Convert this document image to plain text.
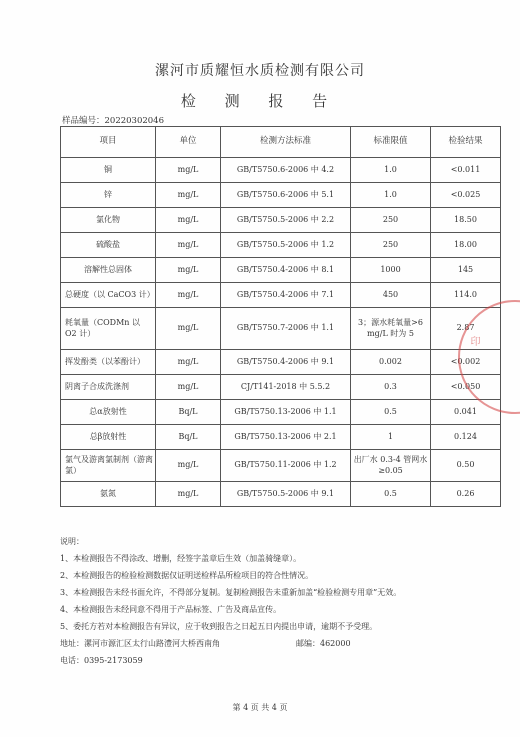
漯河市质耀恒水质检测有限公司
检 测 报 告
样品编号：20220302046
项目	单位	检测方法标准	标准限值	检验结果
铜	mg/L	GB/T5750.6-2006 中 4.2	1.0	<0.011
锌	mg/L	GB/T5750.6-2006 中 5.1	1.0	<0.025
氯化物	mg/L	GB/T5750.5-2006 中 2.2	250	18.50
硫酸盐	mg/L	GB/T5750.5-2006 中 1.2	250	18.00
溶解性总固体	mg/L	GB/T5750.4-2006 中 8.1	1000	145
总硬度（以 CaCO3 计）	mg/L	GB/T5750.4-2006 中 7.1	450	114.0
耗氧量（CODMn 以 O2 计）	mg/L	GB/T5750.7-2006 中 1.1	3；源水耗氧量>6 mg/L 时为 5	2.87
挥发酚类（以苯酚计）	mg/L	GB/T5750.4-2006 中 9.1	0.002	<0.002
阴离子合成洗涤剂	mg/L	CJ/T141-2018 中 5.5.2	0.3	<0.050
总α放射性	Bq/L	GB/T5750.13-2006 中 1.1	0.5	0.041
总β放射性	Bq/L	GB/T5750.13-2006 中 2.1	1	0.124
氯气及游离氯制剂（游离氯）	mg/L	GB/T5750.11-2006 中 1.2	出厂水 0.3-4 管网水≥0.05	0.50
氨氮	mg/L	GB/T5750.5-2006 中 9.1	0.5	0.26
说明：
1、本检测报告不得涂改、增删，经签字盖章后生效（加盖骑缝章）。
2、本检测报告的检验检测数据仅证明送检样品所检项目的符合性情况。
3、本检测报告未经书面允许，不得部分复制。复制检测报告未重新加盖“检验检测专用章”无效。
4、本检测报告未经同意不得用于产品标签、广告及商品宣传。
5、委托方若对本检测报告有异议，应于收到报告之日起五日内提出申请，逾期不予受理。
地址：漯河市源汇区太行山路澧河大桥西南角	邮编：462000
电话：0395-2173059
第 4 页 共 4 页
印
